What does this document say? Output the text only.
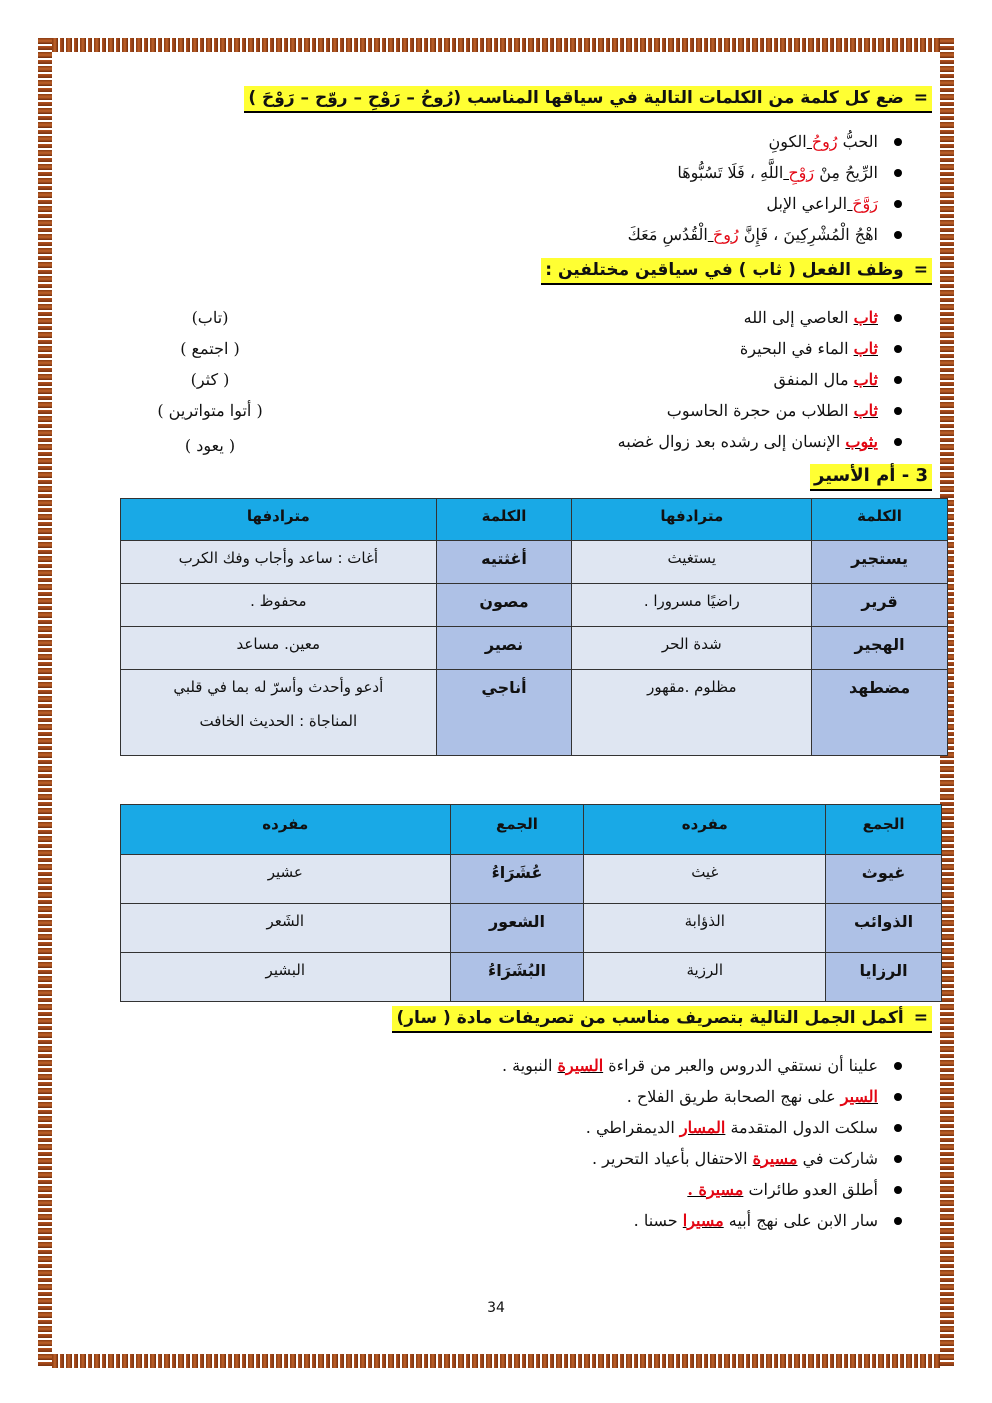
=ضع كل كلمة من الكلمات التالية في سياقها المناسب (رُوحُ – رَوْحِ – روّح – رَوْحَ )
الحبُّ رُوحُ الكونِ
الرِّيحُ مِنْ رَوْحِ اللَّهِ ، فَلَا تَسُبُّوهَا
رَوَّحَ الراعي الإبل
اهْجُ الْمُشْرِكِينَ ، فَإِنَّ رُوحَ الْقُدُسِ مَعَكَ
=وظف الفعل ( ثاب ) في سياقين مختلفين :
ثاب العاصي إلى الله
ثاب الماء في البحيرة
ثاب مال المنفق
ثاب الطلاب من حجرة الحاسوب
يثوب الإنسان إلى رشده بعد زوال غضبه
(تاب)
( اجتمع )
( كثر)
( أتوا متواترين )
( يعود )
3 - أم الأسير
الكلمة	مترادفها	الكلمة	مترادفها
يستجير	يستغيث	أغثتيه	أغاث : ساعد وأجاب وفك الكرب
قرير	راضيًا مسرورا .	مصون	محفوظ .
الهجير	شدة الحر	نصير	معين. مساعد
مضطهد	مظلوم .مقهور	أناجي	أدعو وأحدث وأسرّ له بما في قلبي
المناجاة : الحديث الخافت
الجمع	مفرده	الجمع	مفرده
غيوث	غيث	عُشَرَاءُ	عشير
الذوائب	الذؤابة	الشعور	الشَعر
الرزايا	الرزية	البُشَرَاءُ	البشير
=أكمل الجمل التالية بتصريف مناسب من تصريفات مادة ( سار)
علينا أن نستقي الدروس والعبر من قراءة السيرة النبوية .
السير على نهج الصحابة طريق الفلاح .
سلكت الدول المتقدمة المسار الديمقراطي .
شاركت في مسيرة الاحتفال بأعياد التحرير .
أطلق العدو طائرات مسيرة .
سار الابن على نهج أبيه مسيرا حسنا .
34
